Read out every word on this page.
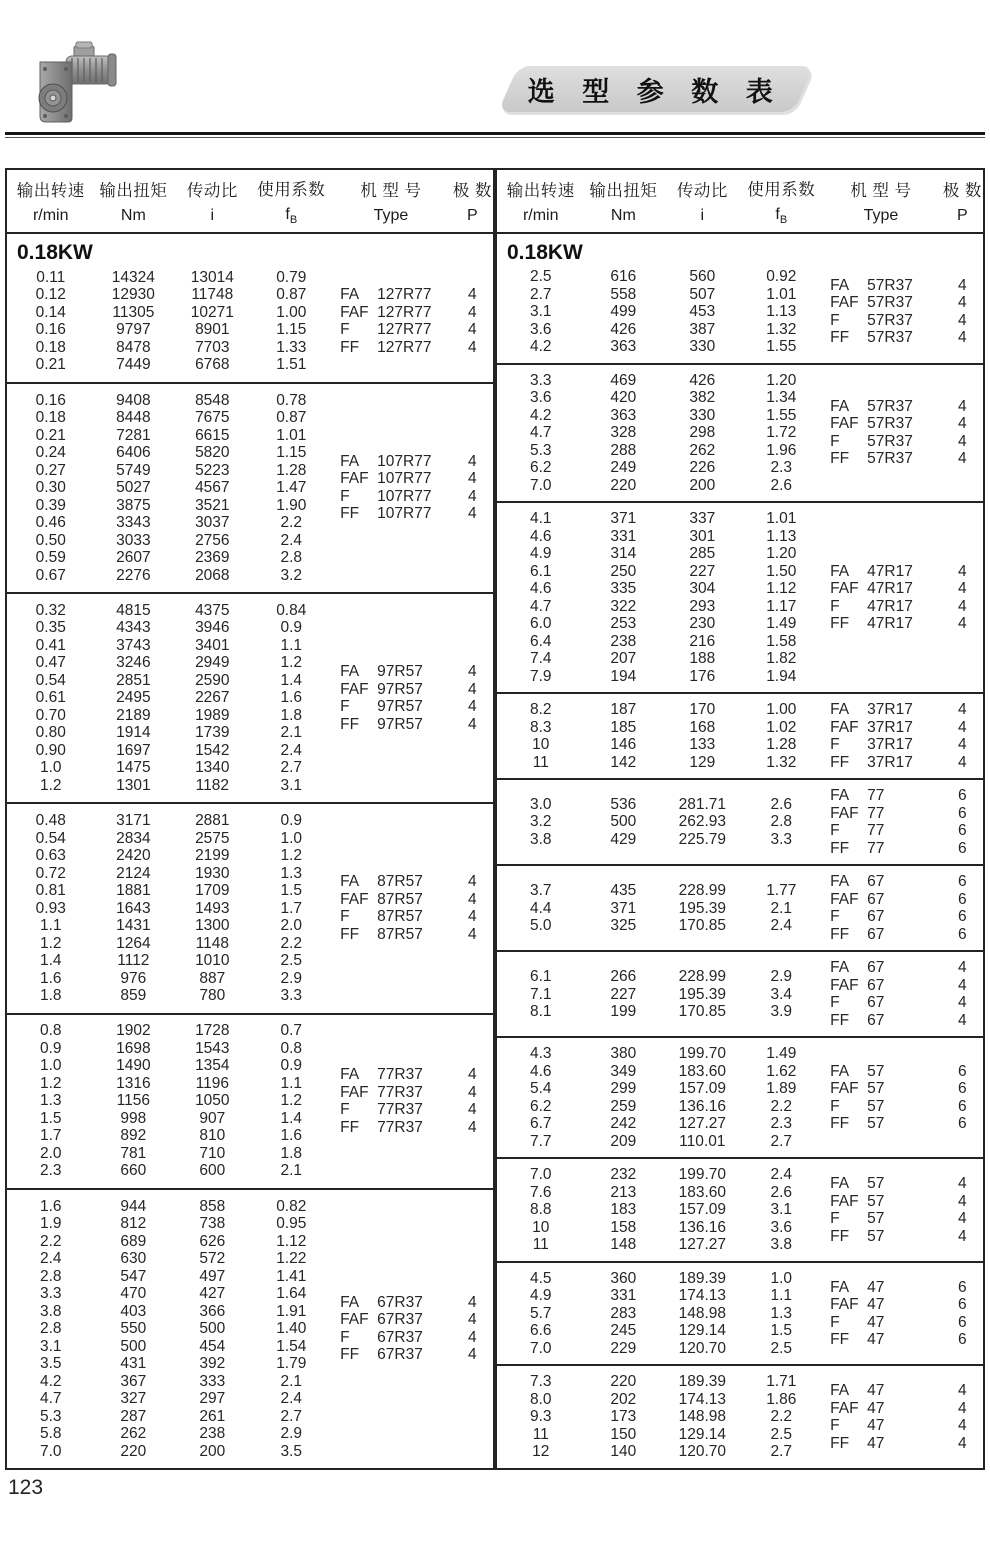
选 型 参 数 表
输出转速
r/min
输出扭矩
Nm
传动比
i
使用系数
$f_B$
机 型 号
Type
极 数
P
0.18KW
0.11
0.12
0.14
0.16
0.18
0.21
14324
12930
11305
9797
8478
7449
13014
11748
10271
8901
7703
6768
0.79
0.87
1.00
1.15
1.33
1.51
FA 127R77
FAF 127R77
F 127R77
FF 127R77
4
4
4
4
0.16
0.18
0.21
0.24
0.27
0.30
0.39
0.46
0.50
0.59
0.67
9408
8448
7281
6406
5749
5027
3875
3343
3033
2607
2276
8548
7675
6615
5820
5223
4567
3521
3037
2756
2369
2068
0.78
0.87
1.01
1.15
1.28
1.47
1.90
2.2
2.4
2.8
3.2
FA 107R77
FAF 107R77
F 107R77
FF 107R77
4
4
4
4
0.32
0.35
0.41
0.47
0.54
0.61
0.70
0.80
0.90
1.0
1.2
4815
4343
3743
3246
2851
2495
2189
1914
1697
1475
1301
4375
3946
3401
2949
2590
2267
1989
1739
1542
1340
1182
0.84
0.9
1.1
1.2
1.4
1.6
1.8
2.1
2.4
2.7
3.1
FA 97R57
FAF 97R57
F 97R57
FF 97R57
4
4
4
4
0.48
0.54
0.63
0.72
0.81
0.93
1.1
1.2
1.4
1.6
1.8
3171
2834
2420
2124
1881
1643
1431
1264
1112
976
859
2881
2575
2199
1930
1709
1493
1300
1148
1010
887
780
0.9
1.0
1.2
1.3
1.5
1.7
2.0
2.2
2.5
2.9
3.3
FA 87R57
FAF 87R57
F 87R57
FF 87R57
4
4
4
4
0.8
0.9
1.0
1.2
1.3
1.5
1.7
2.0
2.3
1902
1698
1490
1316
1156
998
892
781
660
1728
1543
1354
1196
1050
907
810
710
600
0.7
0.8
0.9
1.1
1.2
1.4
1.6
1.8
2.1
FA 77R37
FAF 77R37
F 77R37
FF 77R37
4
4
4
4
1.6
1.9
2.2
2.4
2.8
3.3
3.8
2.8
3.1
3.5
4.2
4.7
5.3
5.8
7.0
944
812
689
630
547
470
403
550
500
431
367
327
287
262
220
858
738
626
572
497
427
366
500
454
392
333
297
261
238
200
0.82
0.95
1.12
1.22
1.41
1.64
1.91
1.40
1.54
1.79
2.1
2.4
2.7
2.9
3.5
FA 67R37
FAF 67R37
F 67R37
FF 67R37
4
4
4
4
输出转速
r/min
输出扭矩
Nm
传动比
i
使用系数
$f_B$
机 型 号
Type
极 数
P
0.18KW
2.5
2.7
3.1
3.6
4.2
616
558
499
426
363
560
507
453
387
330
0.92
1.01
1.13
1.32
1.55
FA 57R37
FAF 57R37
F 57R37
FF 57R37
4
4
4
4
3.3
3.6
4.2
4.7
5.3
6.2
7.0
469
420
363
328
288
249
220
426
382
330
298
262
226
200
1.20
1.34
1.55
1.72
1.96
2.3
2.6
FA 57R37
FAF 57R37
F 57R37
FF 57R37
4
4
4
4
4.1
4.6
4.9
6.1
4.6
4.7
6.0
6.4
7.4
7.9
371
331
314
250
335
322
253
238
207
194
337
301
285
227
304
293
230
216
188
176
1.01
1.13
1.20
1.50
1.12
1.17
1.49
1.58
1.82
1.94
FA 47R17
FAF 47R17
F 47R17
FF 47R17
4
4
4
4
8.2
8.3
10
11
187
185
146
142
170
168
133
129
1.00
1.02
1.28
1.32
FA 37R17
FAF 37R17
F 37R17
FF 37R17
4
4
4
4
3.0
3.2
3.8
536
500
429
281.71
262.93
225.79
2.6
2.8
3.3
FA 77
FAF 77
F 77
FF 77
6
6
6
6
3.7
4.4
5.0
435
371
325
228.99
195.39
170.85
1.77
2.1
2.4
FA 67
FAF 67
F 67
FF 67
6
6
6
6
6.1
7.1
8.1
266
227
199
228.99
195.39
170.85
2.9
3.4
3.9
FA 67
FAF 67
F 67
FF 67
4
4
4
4
4.3
4.6
5.4
6.2
6.7
7.7
380
349
299
259
242
209
199.70
183.60
157.09
136.16
127.27
110.01
1.49
1.62
1.89
2.2
2.3
2.7
FA 57
FAF 57
F 57
FF 57
6
6
6
6
7.0
7.6
8.8
10
11
232
213
183
158
148
199.70
183.60
157.09
136.16
127.27
2.4
2.6
3.1
3.6
3.8
FA 57
FAF 57
F 57
FF 57
4
4
4
4
4.5
4.9
5.7
6.6
7.0
360
331
283
245
229
189.39
174.13
148.98
129.14
120.70
1.0
1.1
1.3
1.5
2.5
FA 47
FAF 47
F 47
FF 47
6
6
6
6
7.3
8.0
9.3
11
12
220
202
173
150
140
189.39
174.13
148.98
129.14
120.70
1.71
1.86
2.2
2.5
2.7
FA 47
FAF 47
F 47
FF 47
4
4
4
4
123
